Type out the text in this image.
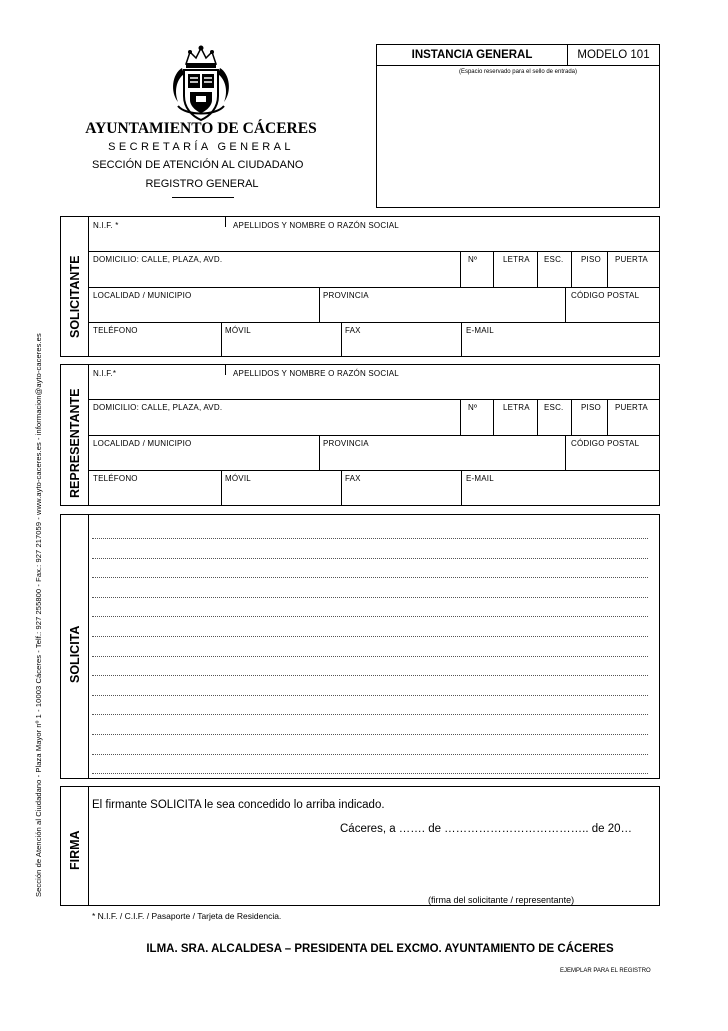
Sección de Atención al Ciudadano - Plaza Mayor nº 1 - 10003 Cáceres - Telf.: 927 255800 - Fax.: 927 217059 - www.ayto-caceres.es - informacion@ayto-caceres.es
INSTANCIA GENERAL	MODELO 101
(Espacio reservado para el sello de entrada)
AYUNTAMIENTO DE CÁCERES
SECRETARÍA GENERAL
SECCIÓN DE ATENCIÓN AL CIUDADANO
REGISTRO GENERAL
SOLICITANTE
N.I.F. *	APELLIDOS Y NOMBRE O RAZÓN SOCIAL
DOMICILIO: CALLE, PLAZA, AVD.	Nº	LETRA ESC. PISO PUERTA
LOCALIDAD / MUNICIPIO	PROVINCIA	CÓDIGO POSTAL
TELÉFONO	MÓVIL	FAX	E-MAIL
REPRESENTANTE
N.I.F.*	APELLIDOS Y NOMBRE O RAZÓN SOCIAL
DOMICILIO: CALLE, PLAZA, AVD.	Nº	LETRA ESC. PISO PUERTA
LOCALIDAD / MUNICIPIO	PROVINCIA	CÓDIGO POSTAL
TELÉFONO	MÓVIL	FAX	E-MAIL
SOLICITA
FIRMA
El firmante SOLICITA le sea concedido lo arriba indicado.
Cáceres, a ……. de ……………………………….. de 20…
(firma del solicitante / representante)
* N.I.F. / C.I.F. / Pasaporte / Tarjeta de Residencia.
ILMA. SRA. ALCALDESA – PRESIDENTA DEL EXCMO. AYUNTAMIENTO DE CÁCERES
EJEMPLAR PARA EL REGISTRO
